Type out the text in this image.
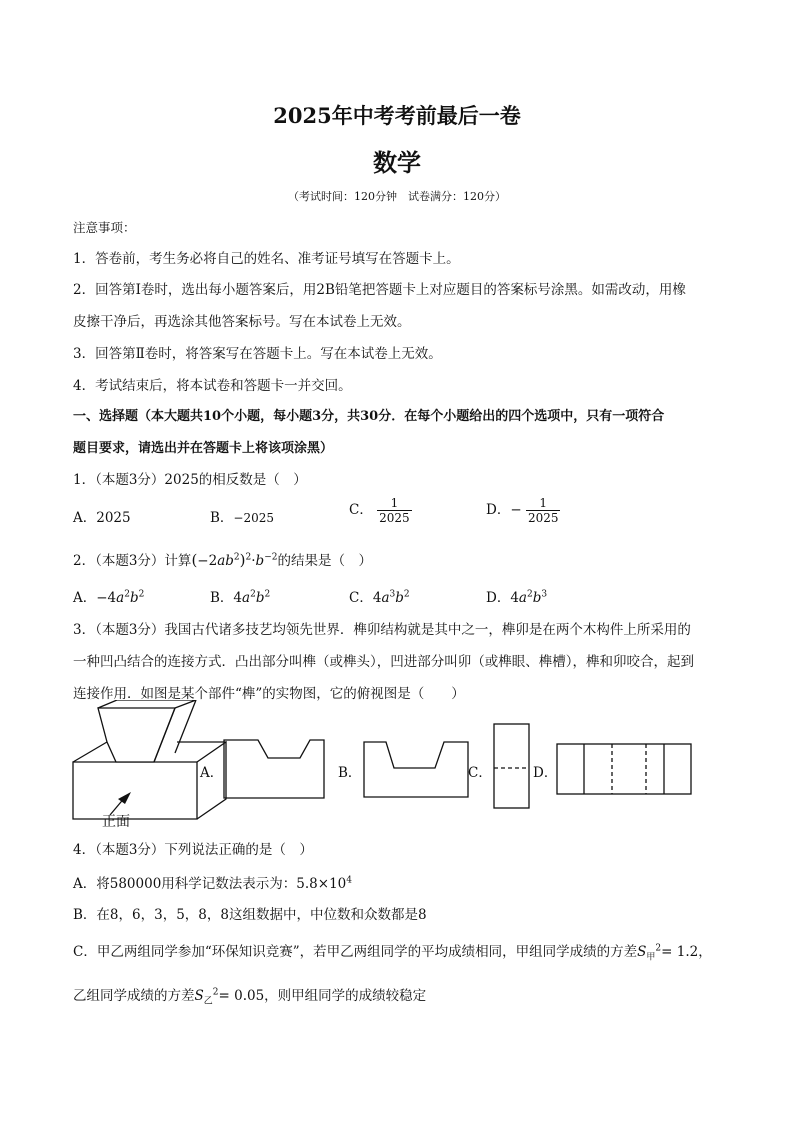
2025年中考考前最后一卷
数学
（考试时间：120分钟　试卷满分：120分）
注意事项：
1．答卷前，考生务必将自己的姓名、准考证号填写在答题卡上。
2．回答第Ⅰ卷时，选出每小题答案后，用2B铅笔把答题卡上对应题目的答案标号涂黑。如需改动，用橡
皮擦干净后，再选涂其他答案标号。写在本试卷上无效。
3．回答第Ⅱ卷时，将答案写在答题卡上。写在本试卷上无效。
4．考试结束后，将本试卷和答题卡一并交回。
一、选择题（本大题共10个小题，每小题3分，共30分．在每个小题给出的四个选项中，只有一项符合
题目要求，请选出并在答题卡上将该项涂黑）
1．（本题3分）2025的相反数是（　）
A．2025	B．−2025	C． $\frac{1}{2025}$	D．− $\frac{1}{2025}$
2．（本题3分）计算$(-2ab^2)^2\cdot b^{-2}$的结果是（　）
A．$-4a^2b^2$	B．$4a^2b^2$	C．$4a^3b^2$	D．$4a^2b^3$
3．（本题3分）我国古代诸多技艺均领先世界．榫卯结构就是其中之一，榫卯是在两个木构件上所采用的
一种凹凸结合的连接方式．凸出部分叫榫（或榫头），凹进部分叫卯（或榫眼、榫槽），榫和卯咬合，起到
连接作用．如图是某个部件“榫”的实物图，它的俯视图是（　　）
正面
A．	B．	C．	D．
4．（本题3分）下列说法正确的是（　）
A．将580000用科学记数法表示为：$5.8\times 10^4$
B．在8，6，3，5，8，8这组数据中，中位数和众数都是8
C．甲乙两组同学参加“环保知识竞赛”，若甲乙两组同学的平均成绩相同，甲组同学成绩的方差$S_甲^2= 1.2$，
乙组同学成绩的方差$S_乙^2= 0.05$，则甲组同学的成绩较稳定
